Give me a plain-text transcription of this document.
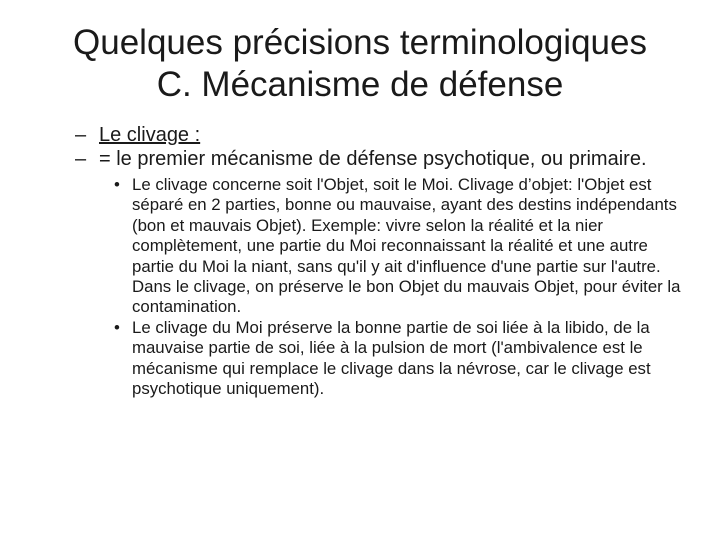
Quelques précisions terminologiques
C. Mécanisme de défense
– Le clivage :
– = le premier mécanisme de défense psychotique, ou primaire.
• Le clivage concerne soit l'Objet, soit le Moi. Clivage d’objet: l'Objet est séparé en 2 parties, bonne ou mauvaise, ayant des destins indépendants (bon et mauvais Objet). Exemple: vivre selon la réalité et la nier complètement, une partie du Moi reconnaissant la réalité et une autre partie du Moi la niant, sans qu'il y ait d'influence d'une partie sur l'autre. Dans le clivage, on préserve le bon Objet du mauvais Objet, pour éviter la contamination.
• Le clivage du Moi préserve la bonne partie de soi liée à la libido, de la mauvaise partie de soi, liée à la pulsion de mort (l'ambivalence est le mécanisme qui remplace le clivage dans la névrose, car le clivage est psychotique uniquement).
